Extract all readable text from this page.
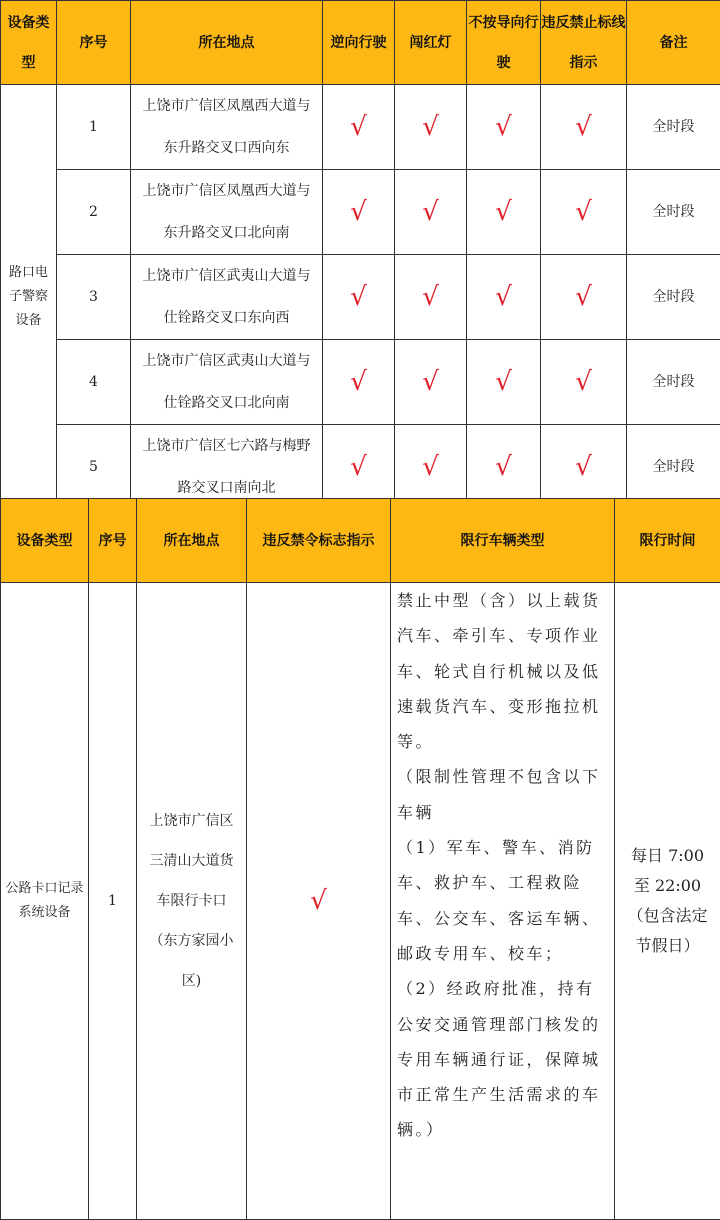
设备类型	序号	所在地点	逆向行驶	闯红灯	不按导向行驶	违反禁止标线指示	备注
路口电子警察设备	1	上饶市广信区凤凰西大道与东升路交叉口西向东	√	√	√	√	全时段
	2	上饶市广信区凤凰西大道与东升路交叉口北向南	√	√	√	√	全时段
	3	上饶市广信区武夷山大道与仕铨路交叉口东向西	√	√	√	√	全时段
	4	上饶市广信区武夷山大道与仕铨路交叉口北向南	√	√	√	√	全时段
	5	上饶市广信区七六路与梅野路交叉口南向北	√	√	√	√	全时段
设备类型	序号	所在地点	违反禁令标志指示	限行车辆类型	限行时间
公路卡口记录系统设备	1	上饶市广信区三清山大道货车限行卡口（东方家园小区)	√	禁止中型（含）以上载货汽车、牵引车、专项作业车、轮式自行机械以及低速载货汽车、变形拖拉机等。
（限制性管理不包含以下车辆
（1）军车、警车、消防车、救护车、工程救险车、公交车、客运车辆、邮政专用车、校车；
（2）经政府批准，持有公安交通管理部门核发的专用车辆通行证，保障城市正常生产生活需求的车辆。）	每日 7:00 至 22:00（包含法定节假日）
